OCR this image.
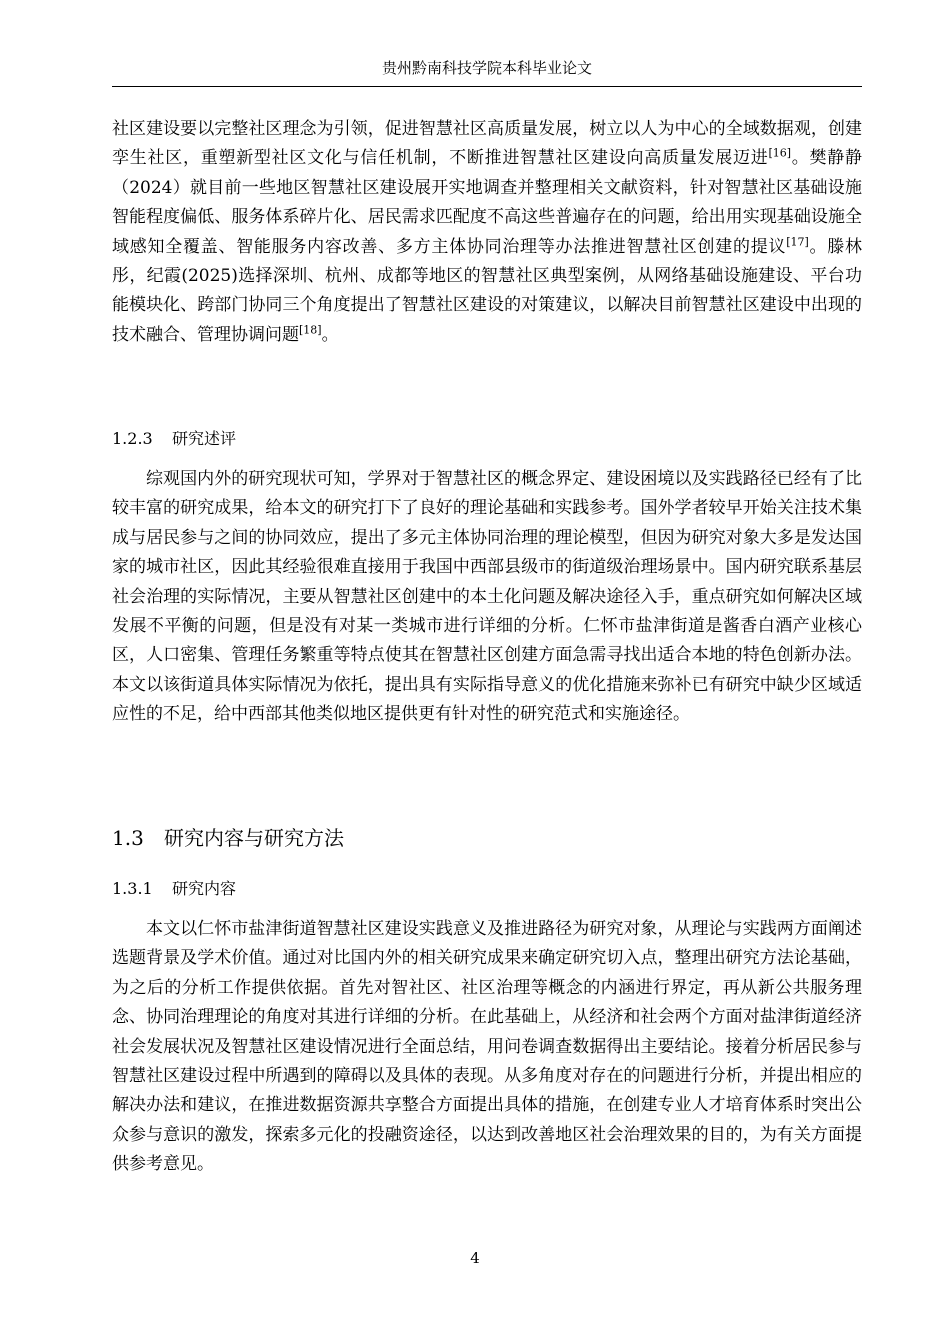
贵州黔南科技学院本科毕业论文
社区建设要以完整社区理念为引领，促进智慧社区高质量发展，树立以人为中心的全域数据观，创建孪生社区，重塑新型社区文化与信任机制，不断推进智慧社区建设向高质量发展迈进[16]。樊静静（2024）就目前一些地区智慧社区建设展开实地调查并整理相关文献资料，针对智慧社区基础设施智能程度偏低、服务体系碎片化、居民需求匹配度不高这些普遍存在的问题，给出用实现基础设施全域感知全覆盖、智能服务内容改善、多方主体协同治理等办法推进智慧社区创建的提议[17]。滕林彤，纪霞(2025)选择深圳、杭州、成都等地区的智慧社区典型案例，从网络基础设施建设、平台功能模块化、跨部门协同三个角度提出了智慧社区建设的对策建议，以解决目前智慧社区建设中出现的技术融合、管理协调问题[18]。
1.2.3 研究述评
综观国内外的研究现状可知，学界对于智慧社区的概念界定、建设困境以及实践路径已经有了比较丰富的研究成果，给本文的研究打下了良好的理论基础和实践参考。国外学者较早开始关注技术集成与居民参与之间的协同效应，提出了多元主体协同治理的理论模型，但因为研究对象大多是发达国家的城市社区，因此其经验很难直接用于我国中西部县级市的街道级治理场景中。国内研究联系基层社会治理的实际情况，主要从智慧社区创建中的本土化问题及解决途径入手，重点研究如何解决区域发展不平衡的问题，但是没有对某一类城市进行详细的分析。仁怀市盐津街道是酱香白酒产业核心区，人口密集、管理任务繁重等特点使其在智慧社区创建方面急需寻找出适合本地的特色创新办法。本文以该街道具体实际情况为依托，提出具有实际指导意义的优化措施来弥补已有研究中缺少区域适应性的不足，给中西部其他类似地区提供更有针对性的研究范式和实施途径。
1.3 研究内容与研究方法
1.3.1 研究内容
本文以仁怀市盐津街道智慧社区建设实践意义及推进路径为研究对象，从理论与实践两方面阐述选题背景及学术价值。通过对比国内外的相关研究成果来确定研究切入点，整理出研究方法论基础，为之后的分析工作提供依据。首先对智社区、社区治理等概念的内涵进行界定，再从新公共服务理念、协同治理理论的角度对其进行详细的分析。在此基础上，从经济和社会两个方面对盐津街道经济社会发展状况及智慧社区建设情况进行全面总结，用问卷调查数据得出主要结论。接着分析居民参与智慧社区建设过程中所遇到的障碍以及具体的表现。从多角度对存在的问题进行分析，并提出相应的解决办法和建议，在推进数据资源共享整合方面提出具体的措施，在创建专业人才培育体系时突出公众参与意识的激发，探索多元化的投融资途径，以达到改善地区社会治理效果的目的，为有关方面提供参考意见。
4
